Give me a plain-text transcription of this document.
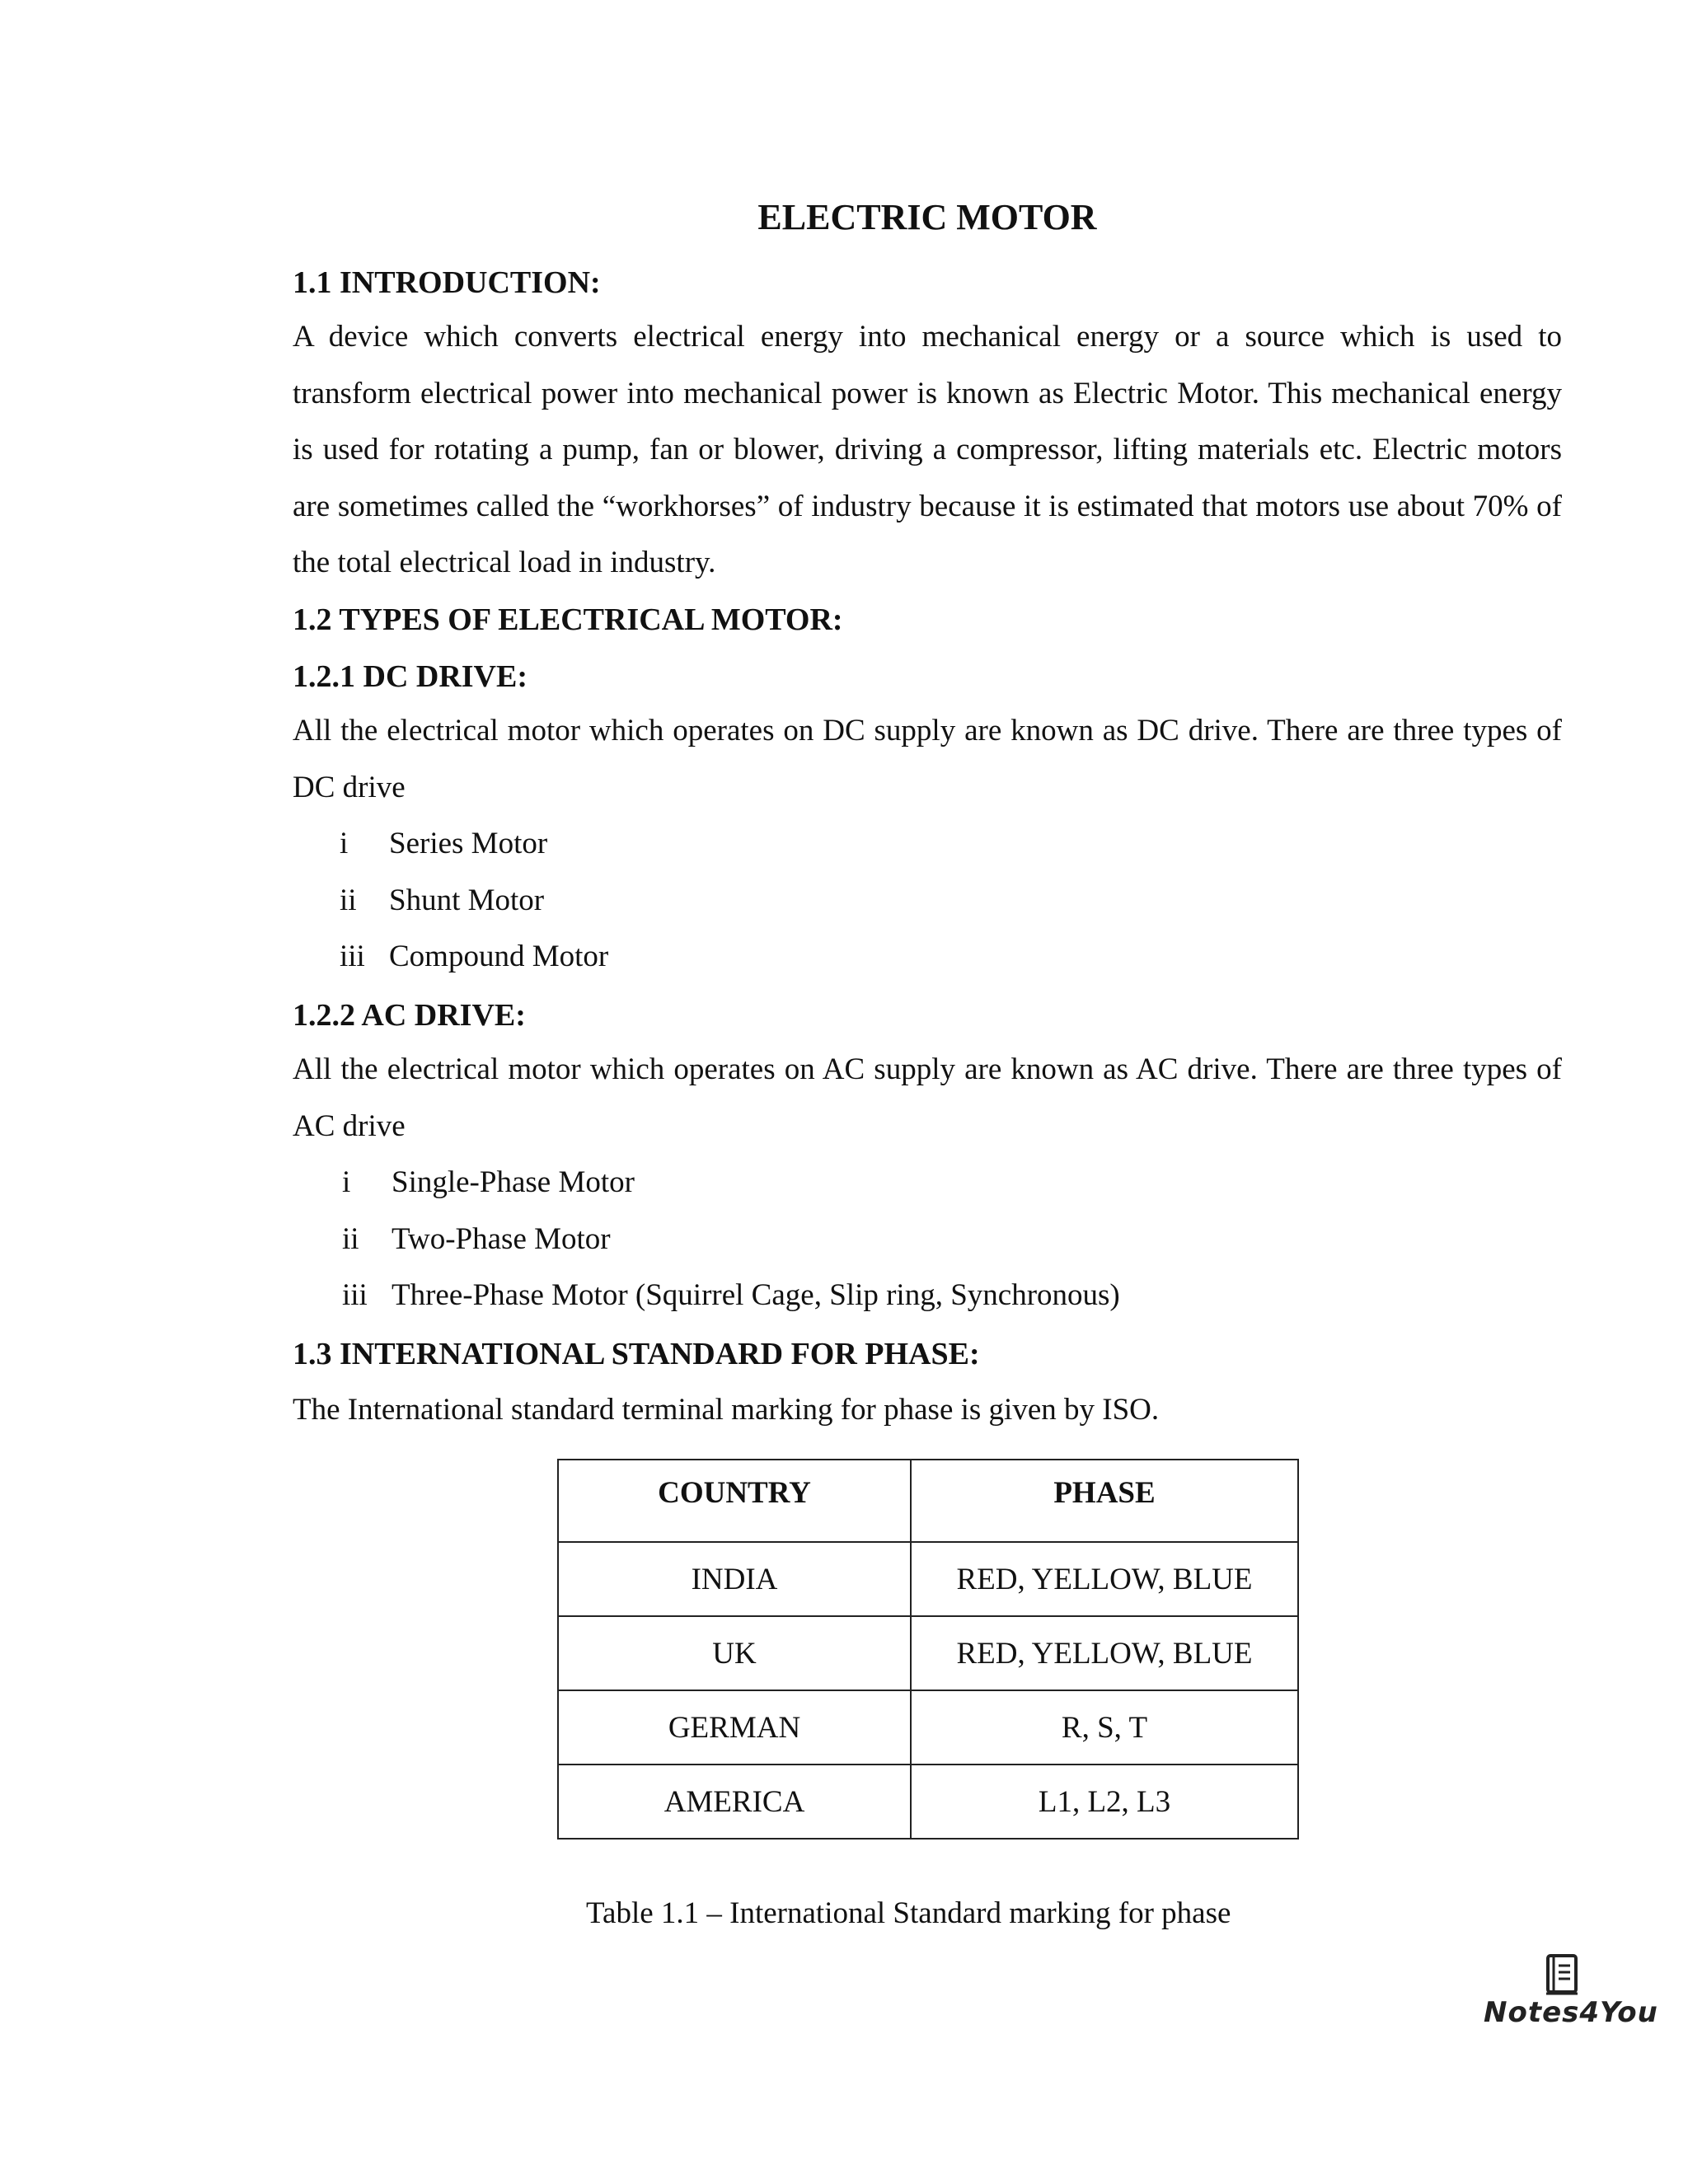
ELECTRIC MOTOR
1.1 INTRODUCTION:
A device which converts electrical energy into mechanical energy or a source which is used to transform electrical power into mechanical power is known as Electric Motor. This mechanical energy is used for rotating a pump, fan or blower, driving a compressor, lifting materials etc. Electric motors are sometimes called the “workhorses” of industry because it is estimated that motors use about 70% of the total electrical load in industry.
1.2 TYPES OF ELECTRICAL MOTOR:
1.2.1 DC DRIVE:
All the electrical motor which operates on DC supply are known as DC drive. There are three types of DC drive
i	Series Motor
ii	Shunt Motor
iii Compound Motor
1.2.2 AC DRIVE:
All the electrical motor which operates on AC supply are known as AC drive. There are three types of AC drive
i	Single-Phase Motor
ii	Two-Phase Motor
iii Three-Phase Motor (Squirrel Cage, Slip ring, Synchronous)
1.3 INTERNATIONAL STANDARD FOR PHASE:
The International standard terminal marking for phase is given by ISO.
Table 1.1 – International Standard marking for phase
COUNTRY	PHASE
INDIA	RED, YELLOW, BLUE
UK	RED, YELLOW, BLUE
GERMAN	R, S, T
AMERICA	L1, L2, L3
Notes4You
